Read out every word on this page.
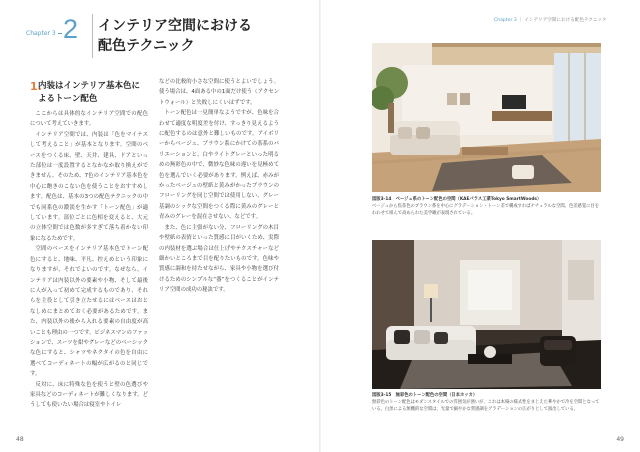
Chapter 3 2 インテリア空間における
配色テクニック
1.
内装はインテリア基本色に よるトーン配色

ここからは具体的なインテリア空間での配色について考えていきます。

インテリア空間では、内装は「色をマイナスして考えること」が基本となります。空間のベースをつくる床、壁、天井、建具、ドアといった部位は一度設置するとなかなか取り換えができません。そのため、7色のインテリア基本色を中心に飽きのこない色を使うことをおすすめします。配色は、基本の3つの配色テクニックの中でも同系色の濃淡を生かす「トーン配色」が適しています。部位ごとに色相を変えると、大元の立体空間では色数が多すぎて落ち着かない印象になるためです。

空間のベースをインテリア基本色でトーン配色にすると、地味、平凡、控えめという印象になりますが、それでよいのです。なぜなら、インテリアは内装以外の要素や小物、そして最後に人が入って初めて完成するものであり、それらを主役として引き立たせるにはベースはおとなしめにまとめておく必要があるためです。また、内装以外の後から入れる要素の自由度が高いことも理由の一つです。ビジネスマンのファッションで、スーツを紺やグレーなどのベーシックな色にすると、シャツやネクタイの色を自由に選べてコーディネートの幅が広がるのと同じです。

反対に、床に特殊な色を使うと壁の色選びや家具などのコーディネートが難しくなります。どうしても使いたい場合は寝室やトイレ

などの比較的小さな空間に使うとよいでしょう。使う場合は、4面ある中の1面だけ使う（アクセントウォール）と失敗しにくいはずです。

トーン配色は一見簡単なようですが、色味を合わせて適度な明度差を付け、すっきり見えるように配色するのは意外と難しいものです。アイボリーからベージュ、ブラウン系にかけての茶系のバリエーションと、白やライトグレーといった明るめの無彩色の中で、微妙な色味の違いを見極めて色を選んでいく必要があります。例えば、赤みがかったベージュの壁紙と黄みがかったブラウンのフローリングを同じ空間では使用しない、グレー基調のシックな空間をつくる際に黄みのグレーと青みのグレーを混在させない、などです。

また、色に主張がない分、フローリングの木目や壁紙の表情といった質感に目がいくため、実際の内装材を選ぶ場合は仕上げやテクスチャーなど細かいところまで目を配りたいものです。色味や質感に調和を持たせながら、家具や小物を選び付けるためのシンプルな“器”をつくることがインテリア空間の成功の秘訣です。

48
Chapter 3 ｜ インテリア空間における配色テクニック
図版3-14　ベージュ系のトーン配色の空間（KAEパラス工業Tokyo SmartWoods）
ベージュから焦茶色のブラウン系を中心にグラデーション・トーン差で構成すればナチュラルな空間。色差感覚に目をわわせて組んで高められた美学観が表現されている。
図版3-15　無彩色のトーン配色の空間（日本ホッカ）
無彩色のトーン配色はモダンスタイルでの雰囲気が強いが、これは本場の様式性をまじえた華やかで冷を空間となっている。白黒による無機的な空間は、光量で細やかな質感調をグラデーションの広がりとして演出している。
49
